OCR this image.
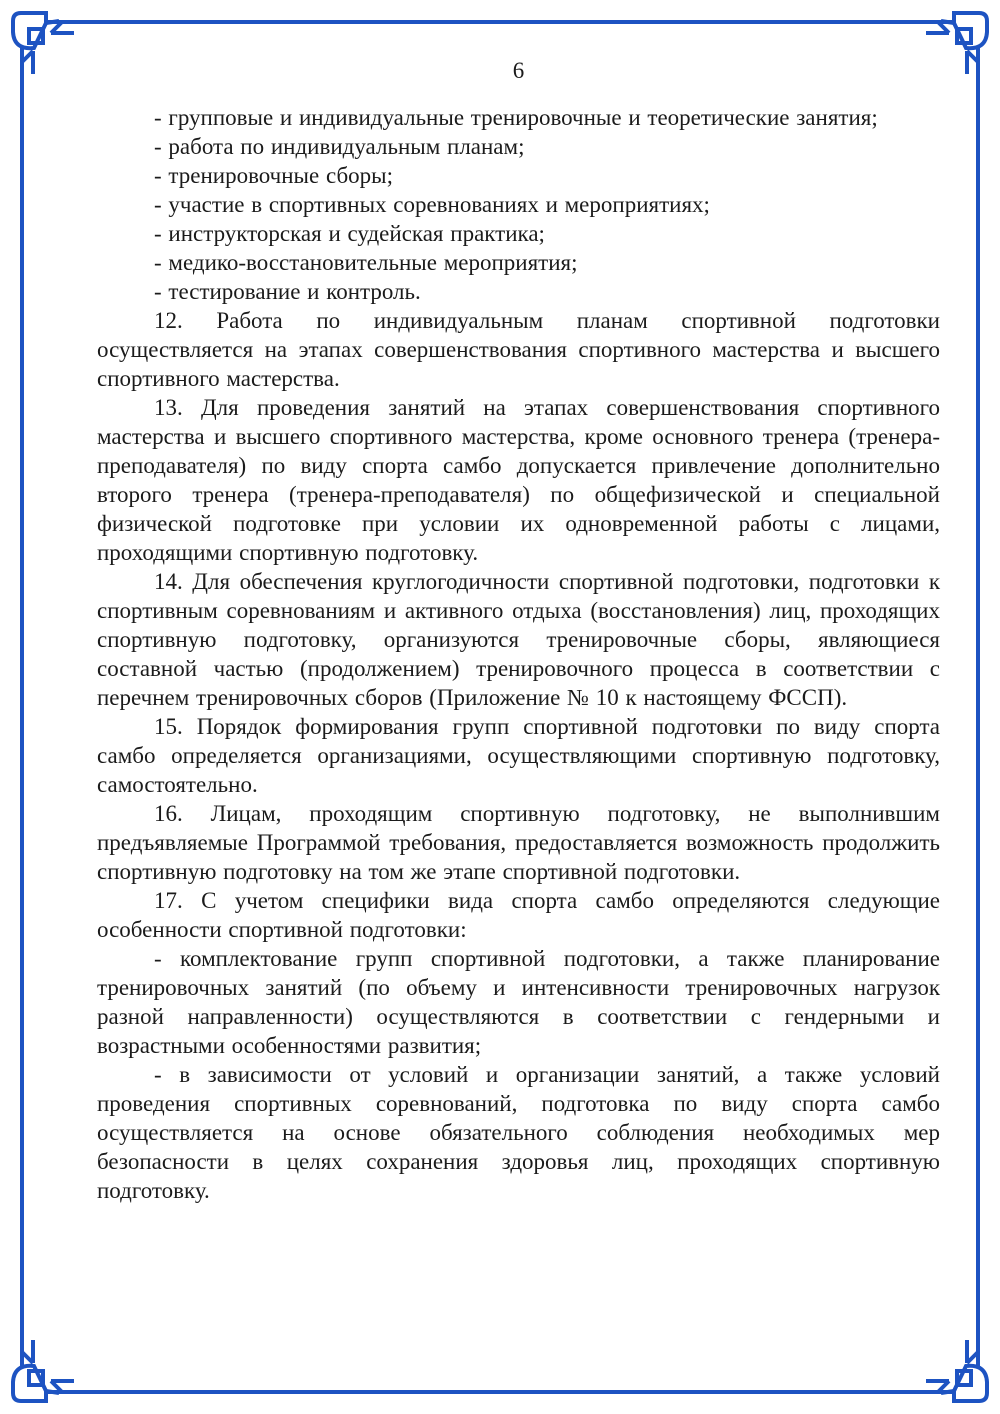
6

- групповые и индивидуальные тренировочные и теоретические занятия;

- работа по индивидуальным планам;

- тренировочные сборы;

- участие в спортивных соревнованиях и мероприятиях;

- инструкторская и судейская практика;

- медико-восстановительные мероприятия;

- тестирование и контроль.

12. Работа по индивидуальным планам спортивной подготовки осуществляется на этапах совершенствования спортивного мастерства и высшего спортивного мастерства.

13. Для проведения занятий на этапах совершенствования спортивного мастерства и высшего спортивного мастерства, кроме основного тренера (тренера-преподавателя) по виду спорта самбо допускается привлечение дополнительно второго тренера (тренера-преподавателя) по общефизической и специальной физической подготовке при условии их одновременной работы с лицами, проходящими спортивную подготовку.

14. Для обеспечения круглогодичности спортивной подготовки, подготовки к спортивным соревнованиям и активного отдыха (восстановления) лиц, проходящих спортивную подготовку, организуются тренировочные сборы, являющиеся составной частью (продолжением) тренировочного процесса в соответствии с перечнем тренировочных сборов (Приложение № 10 к настоящему ФССП).

15. Порядок формирования групп спортивной подготовки по виду спорта самбо определяется организациями, осуществляющими спортивную подготовку, самостоятельно.

16. Лицам, проходящим спортивную подготовку, не выполнившим предъявляемые Программой требования, предоставляется возможность продолжить спортивную подготовку на том же этапе спортивной подготовки.

17. С учетом специфики вида спорта самбо определяются следующие особенности спортивной подготовки:

- комплектование групп спортивной подготовки, а также планирование тренировочных занятий (по объему и интенсивности тренировочных нагрузок разной направленности) осуществляются в соответствии с гендерными и возрастными особенностями развития;

- в зависимости от условий и организации занятий, а также условий проведения спортивных соревнований, подготовка по виду спорта самбо осуществляется на основе обязательного соблюдения необходимых мер безопасности в целях сохранения здоровья лиц, проходящих спортивную подготовку.
